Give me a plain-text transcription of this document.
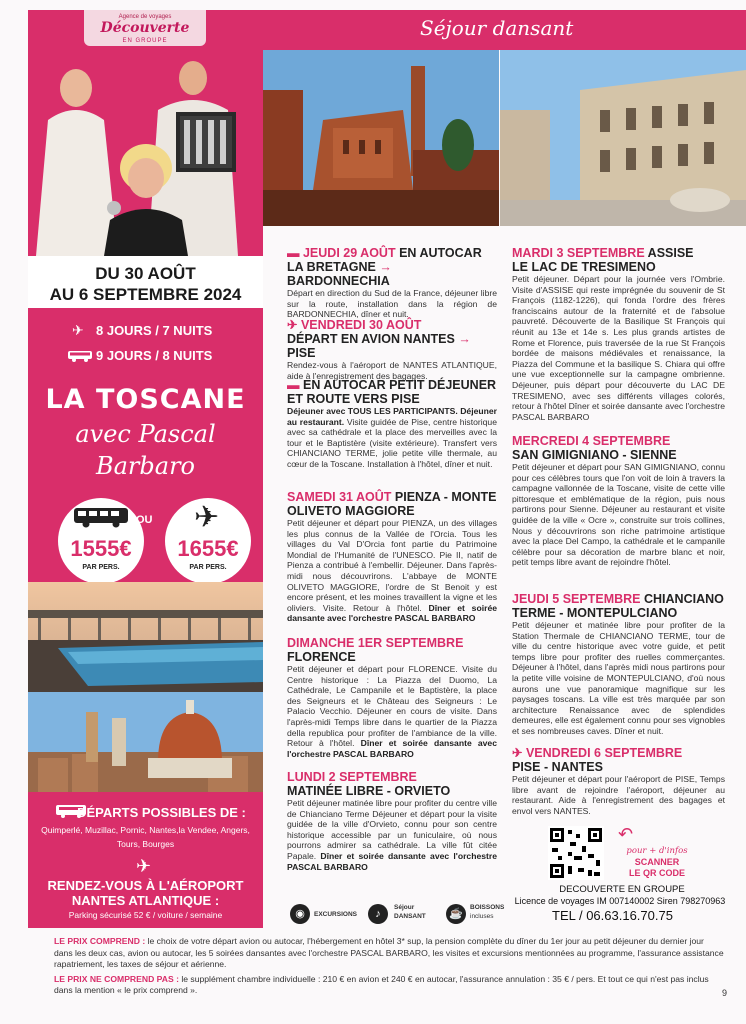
Séjour dansant
Agence de voyages
Découverte
EN GROUPE
DU 30 AOÛT
AU 6 SEPTEMBRE 2024
✈ 8 JOURS / 7 NUITS
9 JOURS / 8 NUITS
LA TOSCANE
avec Pascal
Barbaro
1555€
PAR PERS.
OU ✈
1655€
PAR PERS.
DÉPARTS POSSIBLES DE :
Quimperlé, Muzillac, Pornic, Nantes,la Vendee, Angers, Tours, Bourges
✈
RENDEZ-VOUS À L'AÉROPORT
NANTES ATLANTIQUE :
Parking sécurisé 52 € / voiture / semaine
▬ JEUDI 29 AOÛT EN AUTOCAR
LA BRETAGNE → BARDONNECHIA
Départ en direction du Sud de la France, déjeuner libre sur la route, installation dans la région de BARDONNECHIA, dîner et nuit.
✈ VENDREDI 30 AOÛT
DÉPART EN AVION NANTES → PISE
Rendez-vous à l'aéroport de NANTES ATLANTIQUE, aide à l'enregistrement des bagages.
▬ EN AUTOCAR PETIT DÉJEUNER
ET ROUTE VERS PISE
Déjeuner avec TOUS LES PARTICIPANTS. Déjeuner au restaurant. Visite guidée de Pise, centre historique avec sa cathédrale et la place des merveilles avec la tour et le Baptistère (visite extérieure). Transfert vers CHIANCIANO TERME, jolie petite ville thermale, au cœur de la Toscane. Installation à l'hôtel, dîner et nuit.
SAMEDI 31 AOÛT PIENZA - MONTE
OLIVETO MAGGIORE
Petit déjeuner et départ pour PIENZA, un des villages les plus connus de la Vallée de l'Orcia. Tous les villages du Val D'Orcia font partie du Patrimoine Mondial de l'Humanité de l'UNESCO. Pie II, natif de Pienza a contribué à l'embellir. Déjeuner. Dans l'après-midi nous découvrirons. L'abbaye de MONTE OLIVETO MAGGIORE, l'ordre de St Benoit y est encore présent, et les moines travaillent la vigne et les oliviers. Visite. Retour à l'hôtel. Dîner et soirée dansante avec l'orchestre PASCAL BARBARO
DIMANCHE 1ER SEPTEMBRE
FLORENCE
Petit déjeuner et départ pour FLORENCE. Visite du Centre historique : La Piazza del Duomo, La Cathédrale, Le Campanile et le Baptistère, la place des Seigneurs et le Château des Seigneurs : Le Palacio Vecchio. Déjeuner en cours de visite. Dans l'après-midi Temps libre dans le quartier de la Piazza della republica pour profiter de l'ambiance de la ville. Retour à l'hôtel. Dîner et soirée dansante avec l'orchestre PASCAL BARBARO
LUNDI 2 SEPTEMBRE
MATINÉE LIBRE - ORVIETO
Petit déjeuner matinée libre pour profiter du centre ville de Chianciano Terme Déjeuner et départ pour la visite guidée de la ville d'Orvieto, connu pour son centre historique accessible par un funiculaire, où nous pourrons admirer sa cathédrale. La ville fût citée Papale. Dîner et soirée dansante avec l'orchestre PASCAL BARBARO
MARDI 3 SEPTEMBRE ASSISE
LE LAC DE TRESIMENO
Petit déjeuner. Départ pour la journée vers l'Ombrie. Visite d'ASSISE qui reste imprégnée du souvenir de St François (1182-1226), qui fonda l'ordre des frères franciscains autour de la fraternité et de l'absolue pauvreté. Découverte de la Basilique St François qui réunit au 13e et 14e s. Les plus grands artistes de Rome et Florence, puis traversée de la rue St François bordée de maisons médiévales et renaissance, la Piazza del Commune et la basilique S. Chiara qui offre une vue exceptionnelle sur la campagne ombrienne. Déjeuner, puis départ pour découverte du LAC DE TRESIMENO, avec ses différents villages colorés, retour à l'hôtel Dîner et soirée dansante avec l'orchestre PASCAL BARBARO
MERCREDI 4 SEPTEMBRE
SAN GIMIGNIANO - SIENNE
Petit déjeuner et départ pour SAN GIMIGNIANO, connu pour ces célèbres tours que l'on voit de loin à travers la campagne vallonnée de la Toscane, visite de cette ville pittoresque et emblématique de la région, puis nous partirons pour Sienne. Déjeuner au restaurant et visite guidée de la ville « Ocre », construite sur trois collines, Nous y découvrirons son riche patrimoine artistique avec la place Del Campo, la cathédrale et le campanile célèbre pour sa décoration de marbre blanc et noir, petit temps libre avant de rejoindre l'hôtel.
JEUDI 5 SEPTEMBRE CHIANCIANO
TERME - MONTEPULCIANO
Petit déjeuner et matinée libre pour profiter de la Station Thermale de CHIANCIANO TERME, tour de ville du centre historique avec votre guide, et petit temps libre pour profiter des ruelles commerçantes. Déjeuner à l'hôtel, dans l'après midi nous partirons pour la petite ville voisine de MONTEPULCIANO, d'où nous aurons une vue panoramique magnifique sur les paysages toscans. La ville est très marquée par son architecture Renaissance avec de splendides demeures, elle est également connu pour ses vignobles et ses nombreuses caves. Dîner et nuit.
✈ VENDREDI 6 SEPTEMBRE
PISE - NANTES
Petit déjeuner et départ pour l'aéroport de PISE, Temps libre avant de rejoindre l'aéroport, déjeuner au restaurant. Aide à l'enregistrement des bagages et envol vers NANTES.
↶
pour + d'infos
SCANNER
LE QR CODE
DECOUVERTE EN GROUPE
Licence de voyages IM 007140002 Siren 798270963
TEL / 06.63.16.70.75
◉	EXCURSIONS	♪
Séjour
DANSANT ☕
BOISSONS
incluses
LE PRIX COMPREND : le choix de votre départ avion ou autocar, l'hébergement en hôtel 3* sup, la pension complète du dîner du 1er jour au petit déjeuner du dernier jour dans les deux cas, avion ou autocar, les 5 soirées dansantes avec l'orchestre PASCAL BARBARO, les visites et excursions mentionnées au programme, l'assurance assistance rapatriement, les taxes de séjour et aérienne.
LE PRIX NE COMPREND PAS : le supplément chambre individuelle : 210 € en avion et 240 € en autocar, l'assurance annulation : 35 € / pers. Et tout ce qui n'est pas inclus dans la mention « le prix comprend ».	9
